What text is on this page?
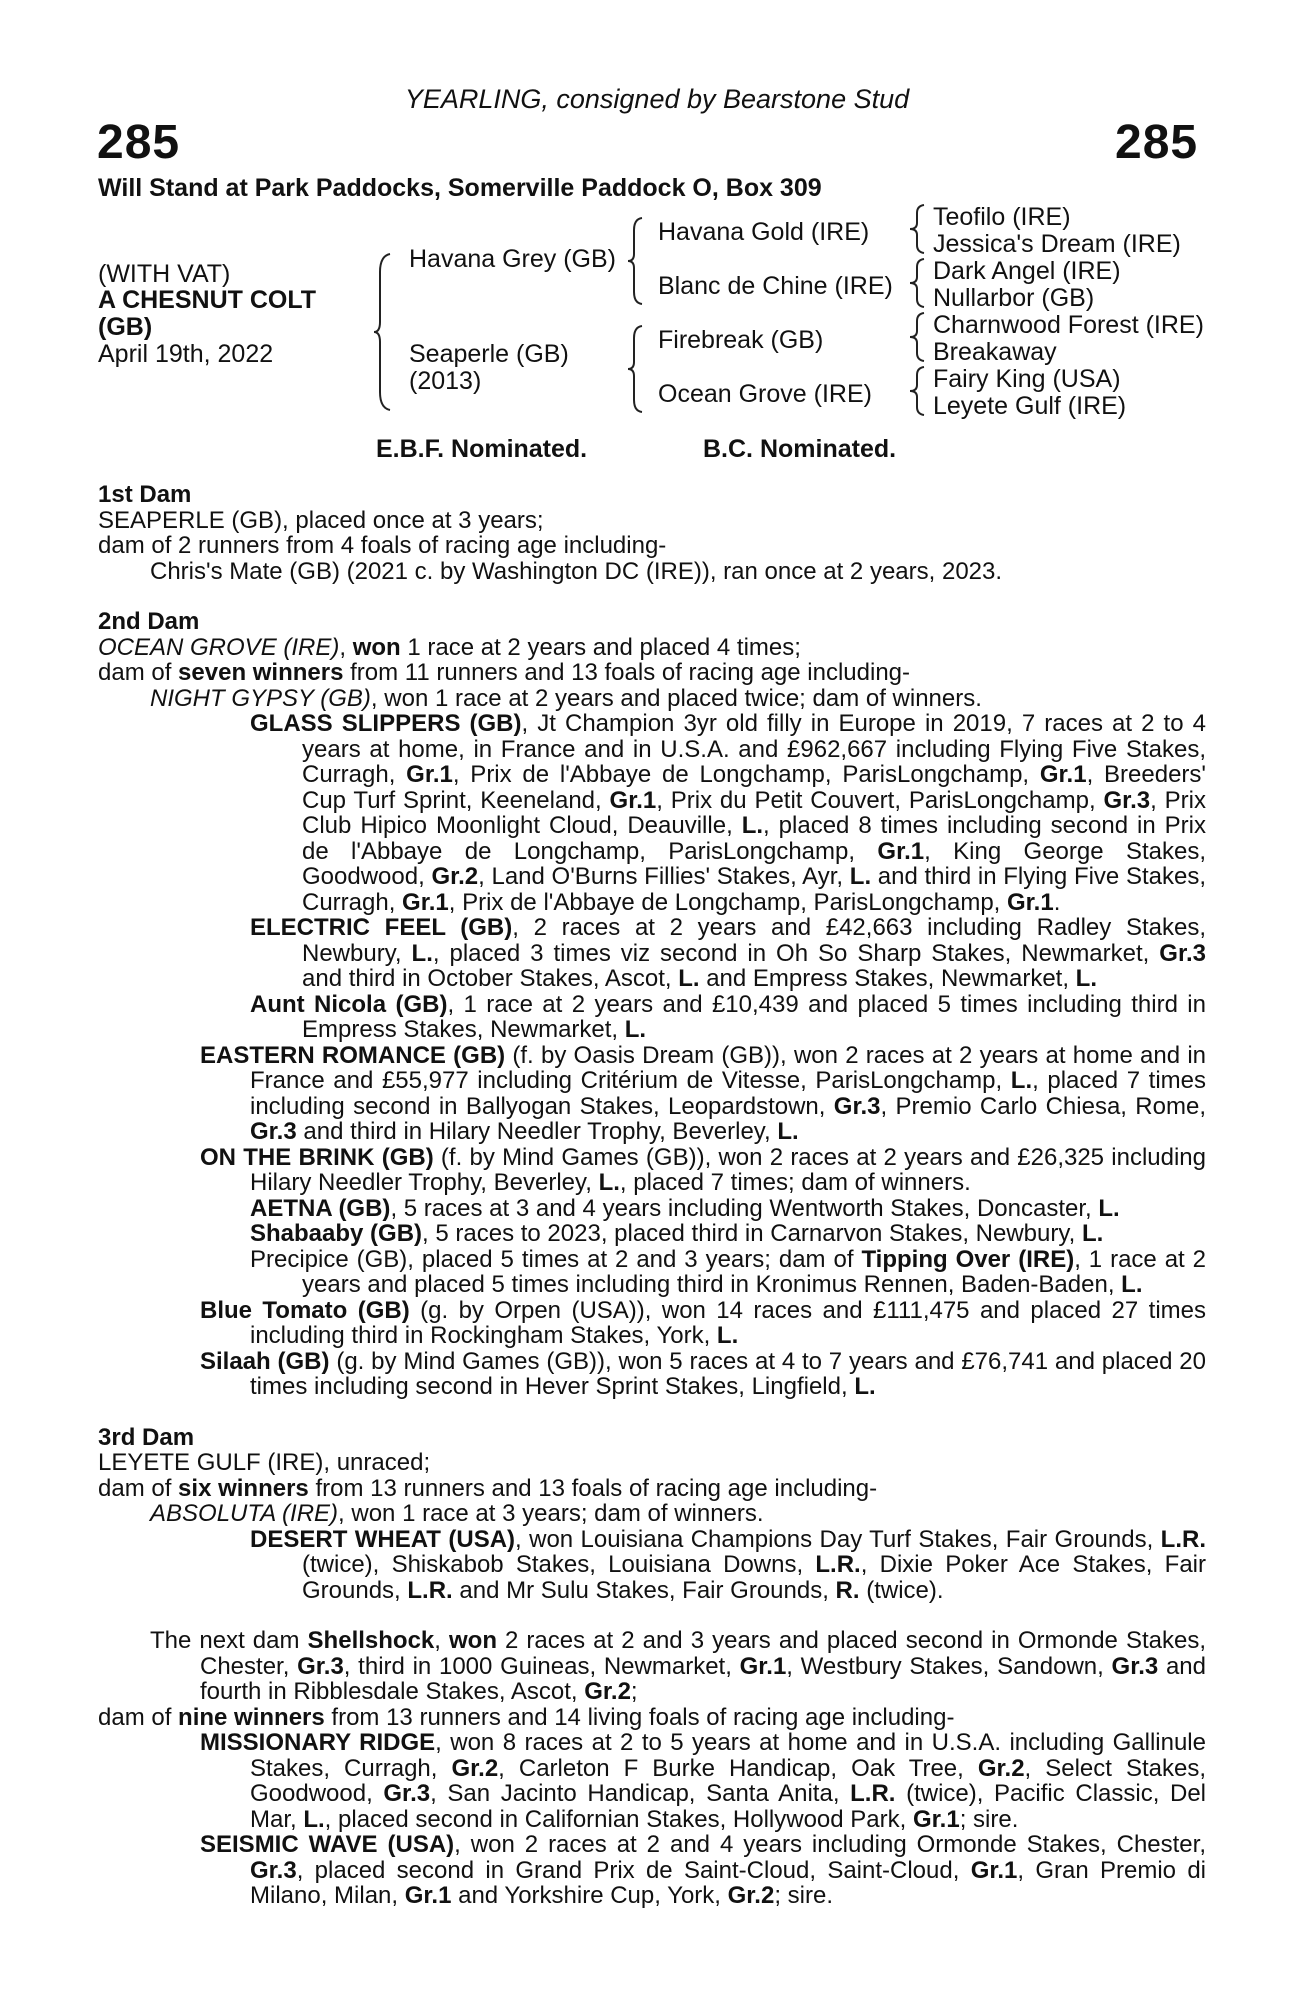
YEARLING, consigned by Bearstone Stud
285	285
Will Stand at Park Paddocks, Somerville Paddock O, Box 309
(WITH VAT)
A CHESNUT COLT
(GB)
April 19th, 2022
Havana Grey (GB)
Seaperle (GB)
(2013)
Havana Gold (IRE)
Blanc de Chine (IRE)
Firebreak (GB)
Ocean Grove (IRE)
Teofilo (IRE)
Jessica's Dream (IRE)
Dark Angel (IRE)
Nullarbor (GB)
Charnwood Forest (IRE)
Breakaway
Fairy King (USA)
Leyete Gulf (IRE)
E.B.F. Nominated.	B.C. Nominated.

1st Dam

SEAPERLE (GB), placed once at 3 years;

dam of 2 runners from 4 foals of racing age including-

Chris's Mate (GB) (2021 c. by Washington DC (IRE)), ran once at 2 years, 2023.

2nd Dam

OCEAN GROVE (IRE), won 1 race at 2 years and placed 4 times;

dam of seven winners from 11 runners and 13 foals of racing age including-

NIGHT GYPSY (GB), won 1 race at 2 years and placed twice; dam of winners.

GLASS SLIPPERS (GB), Jt Champion 3yr old filly in Europe in 2019, 7 races at 2 to 4 years at home, in France and in U.S.A. and £962,667 including Flying Five Stakes, Curragh, Gr.1, Prix de l'Abbaye de Longchamp, ParisLongchamp, Gr.1, Breeders' Cup Turf Sprint, Keeneland, Gr.1, Prix du Petit Couvert, ParisLongchamp, Gr.3, Prix Club Hipico Moonlight Cloud, Deauville, L., placed 8 times including second in Prix de l'Abbaye de Longchamp, ParisLongchamp, Gr.1, King George Stakes, Goodwood, Gr.2, Land O'Burns Fillies' Stakes, Ayr, L. and third in Flying Five Stakes, Curragh, Gr.1, Prix de l'Abbaye de Longchamp, ParisLongchamp, Gr.1.

ELECTRIC FEEL (GB), 2 races at 2 years and £42,663 including Radley Stakes, Newbury, L., placed 3 times viz second in Oh So Sharp Stakes, Newmarket, Gr.3 and third in October Stakes, Ascot, L. and Empress Stakes, Newmarket, L.

Aunt Nicola (GB), 1 race at 2 years and £10,439 and placed 5 times including third in Empress Stakes, Newmarket, L.

EASTERN ROMANCE (GB) (f. by Oasis Dream (GB)), won 2 races at 2 years at home and in France and £55,977 including Critérium de Vitesse, ParisLongchamp, L., placed 7 times including second in Ballyogan Stakes, Leopardstown, Gr.3, Premio Carlo Chiesa, Rome, Gr.3 and third in Hilary Needler Trophy, Beverley, L.

ON THE BRINK (GB) (f. by Mind Games (GB)), won 2 races at 2 years and £26,325 including Hilary Needler Trophy, Beverley, L., placed 7 times; dam of winners.

AETNA (GB), 5 races at 3 and 4 years including Wentworth Stakes, Doncaster, L.

Shabaaby (GB), 5 races to 2023, placed third in Carnarvon Stakes, Newbury, L.

Precipice (GB), placed 5 times at 2 and 3 years; dam of Tipping Over (IRE), 1 race at 2 years and placed 5 times including third in Kronimus Rennen, Baden-Baden, L.

Blue Tomato (GB) (g. by Orpen (USA)), won 14 races and £111,475 and placed 27 times including third in Rockingham Stakes, York, L.

Silaah (GB) (g. by Mind Games (GB)), won 5 races at 4 to 7 years and £76,741 and placed 20 times including second in Hever Sprint Stakes, Lingfield, L.

3rd Dam

LEYETE GULF (IRE), unraced;

dam of six winners from 13 runners and 13 foals of racing age including-

ABSOLUTA (IRE), won 1 race at 3 years; dam of winners.

DESERT WHEAT (USA), won Louisiana Champions Day Turf Stakes, Fair Grounds, L.R. (twice), Shiskabob Stakes, Louisiana Downs, L.R., Dixie Poker Ace Stakes, Fair Grounds, L.R. and Mr Sulu Stakes, Fair Grounds, R. (twice).

The next dam Shellshock, won 2 races at 2 and 3 years and placed second in Ormonde Stakes, Chester, Gr.3, third in 1000 Guineas, Newmarket, Gr.1, Westbury Stakes, Sandown, Gr.3 and fourth in Ribblesdale Stakes, Ascot, Gr.2;

dam of nine winners from 13 runners and 14 living foals of racing age including-

MISSIONARY RIDGE, won 8 races at 2 to 5 years at home and in U.S.A. including Gallinule Stakes, Curragh, Gr.2, Carleton F Burke Handicap, Oak Tree, Gr.2, Select Stakes, Goodwood, Gr.3, San Jacinto Handicap, Santa Anita, L.R. (twice), Pacific Classic, Del Mar, L., placed second in Californian Stakes, Hollywood Park, Gr.1; sire.

SEISMIC WAVE (USA), won 2 races at 2 and 4 years including Ormonde Stakes, Chester, Gr.3, placed second in Grand Prix de Saint-Cloud, Saint-Cloud, Gr.1, Gran Premio di Milano, Milan, Gr.1 and Yorkshire Cup, York, Gr.2; sire.
